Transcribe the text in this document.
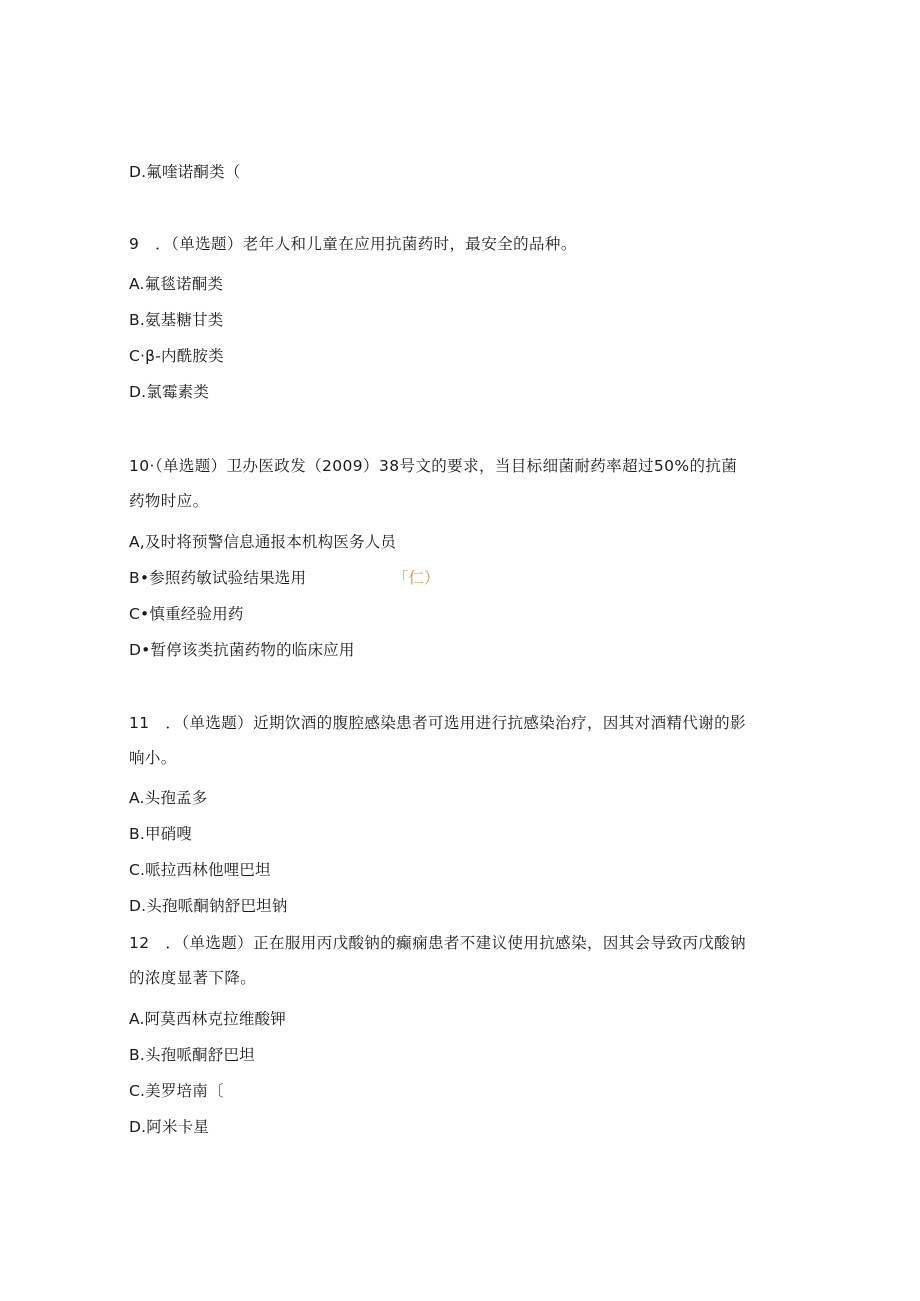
D.氟喹诺酮类（
9　．（单选题）老年人和儿童在应用抗菌药时，最安全的品种。
A.氟毯诺酮类
B.氨基糖甘类
C·β-内酰胺类
D.氯霉素类
10·（单选题）卫办医政发（2009）38号文的要求，当目标细菌耐药率超过50%的抗菌
药物时应。
A,及时将预警信息通报本机构医务人员
B•参照药敏试验结果选用	「仁）
C•慎重经验用药
D•暂停该类抗菌药物的临床应用
11　．（单选题）近期饮酒的腹腔感染患者可选用进行抗感染治疗，因其对酒精代谢的影
响小。
A.头孢孟多
B.甲硝嗖
C.哌拉西林他哩巴坦
D.头孢哌酮钠舒巴坦钠
12　．（单选题）正在服用丙戊酸钠的癫痫患者不建议使用抗感染，因其会导致丙戊酸钠
的浓度显著下降。
A.阿莫西林克拉维酸钾
B.头孢哌酮舒巴坦
C.美罗培南〔
D.阿米卡星
